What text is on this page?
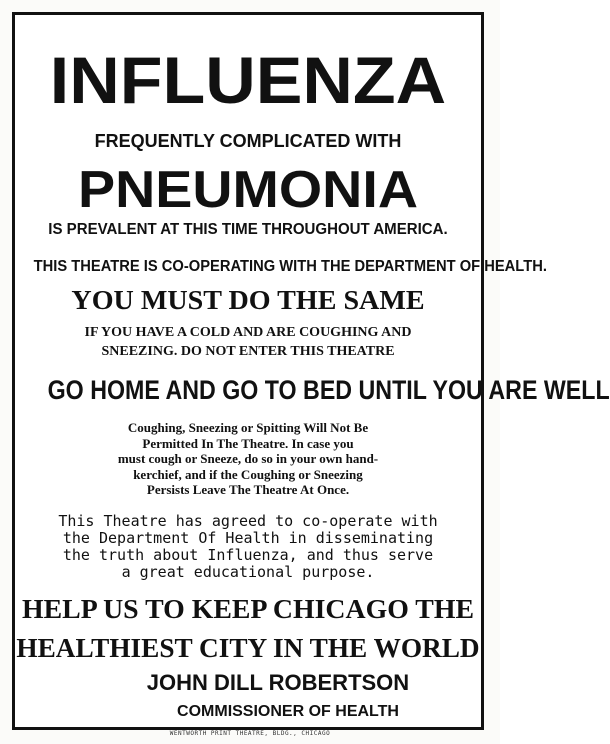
INFLUENZA
FREQUENTLY COMPLICATED WITH
PNEUMONIA
IS PREVALENT AT THIS TIME THROUGHOUT AMERICA.
THIS THEATRE IS CO-OPERATING WITH THE DEPARTMENT OF HEALTH.
YOU MUST DO THE SAME
IF YOU HAVE A COLD AND ARE COUGHING AND
SNEEZING. DO NOT ENTER THIS THEATRE
GO HOME AND GO TO BED UNTIL YOU ARE WELL
Coughing, Sneezing or Spitting Will Not Be
Permitted In The Theatre. In case you
must cough or Sneeze, do so in your own hand-
kerchief, and if the Coughing or Sneezing
Persists Leave The Theatre At Once.
This Theatre has agreed to co-operate with
the Department Of Health in disseminating
the truth about Influenza, and thus serve
a great educational purpose.
HELP US TO KEEP CHICAGO THE
HEALTHIEST CITY IN THE WORLD
JOHN DILL ROBERTSON
COMMISSIONER OF HEALTH
WENTWORTH PRINT THEATRE, BLDG., CHICAGO
